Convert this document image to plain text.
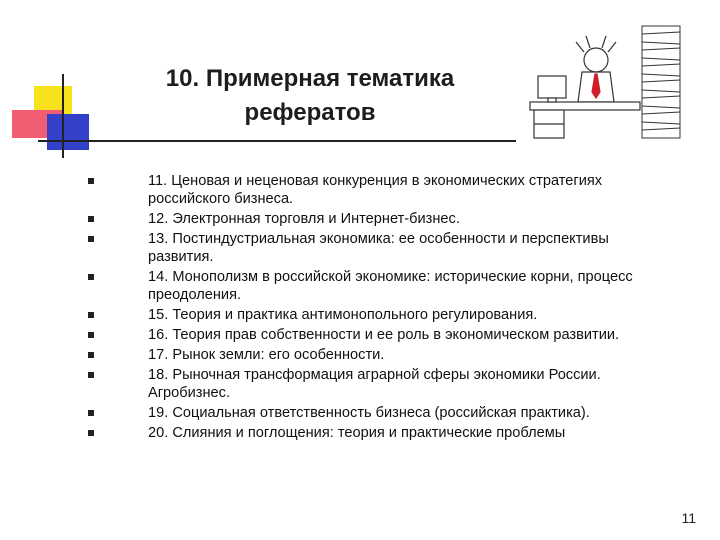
10. Примерная тематика
рефератов
11. Ценовая и неценовая конкуренция в экономических стратегиях российского бизнеса.
12. Электронная торговля и Интернет-бизнес.
13. Постиндустриальная экономика: ее особенности и перспективы развития.
14. Монополизм в российской экономике: исторические корни, процесс преодоления.
15. Теория и практика антимонопольного регулирования.
16. Теория прав собственности и ее роль в экономическом развитии.
17. Рынок земли: его особенности.
18. Рыночная трансформация аграрной сферы экономики России. Агробизнес.
19. Социальная ответственность бизнеса (российская практика).
20. Слияния и поглощения: теория и практические проблемы
11
